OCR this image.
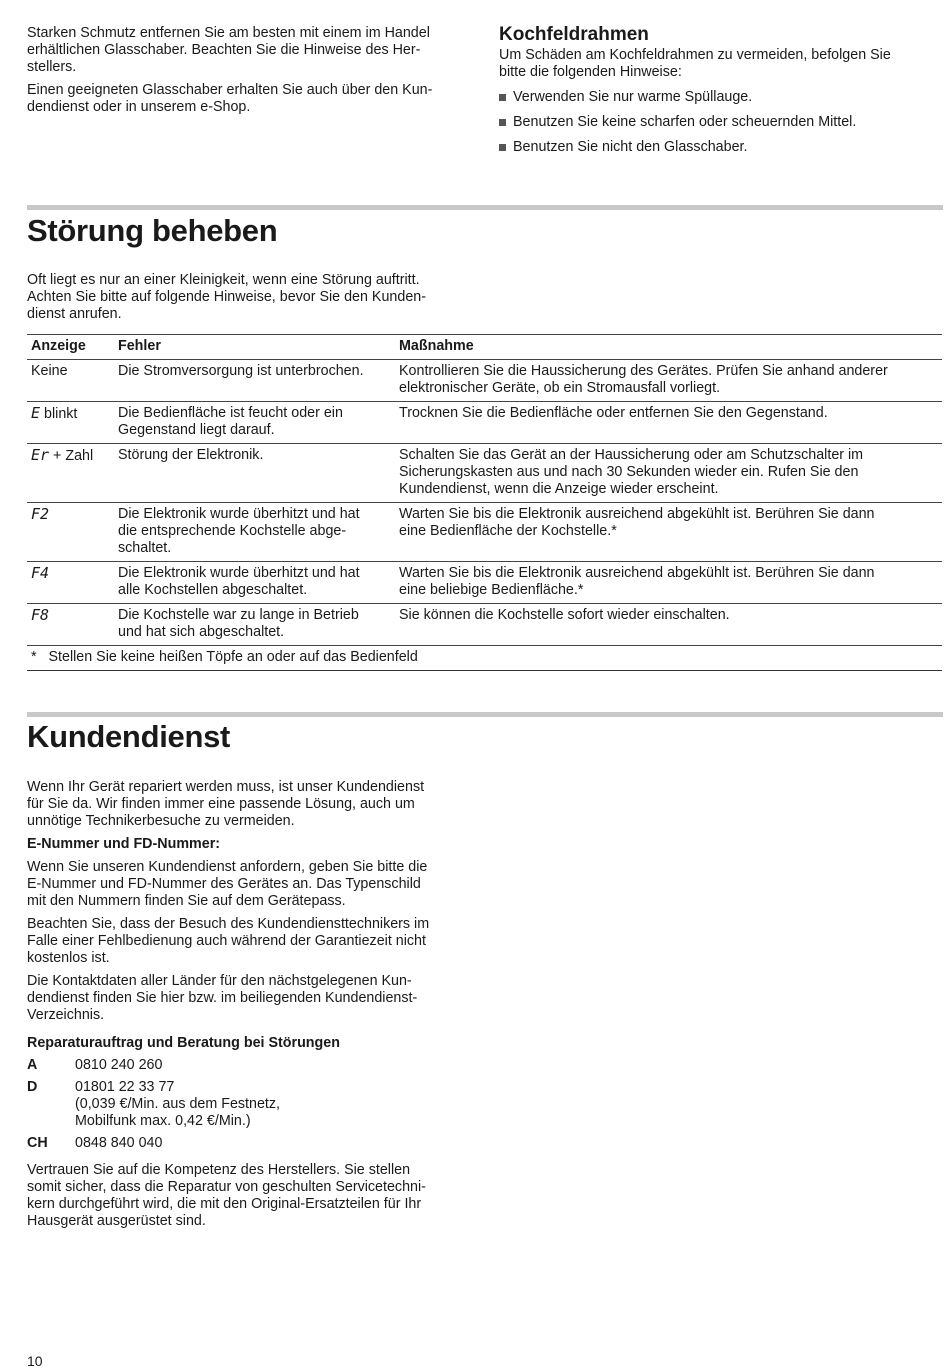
Starken Schmutz entfernen Sie am besten mit einem im Handel
erhältlichen Glasschaber. Beachten Sie die Hinweise des Her-
stellers.

Einen geeigneten Glasschaber erhalten Sie auch über den Kun-
dendienst oder in unserem e-Shop.

Kochfeldrahmen

Um Schäden am Kochfeldrahmen zu vermeiden, befolgen Sie
bitte die folgenden Hinweise:

Verwenden Sie nur warme Spüllauge.
Benutzen Sie keine scharfen oder scheuernden Mittel.
Benutzen Sie nicht den Glasschaber.
Störung beheben

Oft liegt es nur an einer Kleinigkeit, wenn eine Störung auftritt.
Achten Sie bitte auf folgende Hinweise, bevor Sie den Kunden-
dienst anrufen.

Anzeige	Fehler	Maßnahme
Keine	Die Stromversorgung ist unterbrochen.	Kontrollieren Sie die Haussicherung des Gerätes. Prüfen Sie anhand anderer
elektronischer Geräte, ob ein Stromausfall vorliegt.
E blinkt	Die Bedienfläche ist feucht oder ein
Gegenstand liegt darauf.	Trocknen Sie die Bedienfläche oder entfernen Sie den Gegenstand.
Er + Zahl	Störung der Elektronik.	Schalten Sie das Gerät an der Haussicherung oder am Schutzschalter im
Sicherungskasten aus und nach 30 Sekunden wieder ein. Rufen Sie den
Kundendienst, wenn die Anzeige wieder erscheint.
F2	Die Elektronik wurde überhitzt und hat
die entsprechende Kochstelle abge-
schaltet.	Warten Sie bis die Elektronik ausreichend abgekühlt ist. Berühren Sie dann
eine Bedienfläche der Kochstelle.*
F4	Die Elektronik wurde überhitzt und hat
alle Kochstellen abgeschaltet.	Warten Sie bis die Elektronik ausreichend abgekühlt ist. Berühren Sie dann
eine beliebige Bedienfläche.*
F8	Die Kochstelle war zu lange in Betrieb
und hat sich abgeschaltet.	Sie können die Kochstelle sofort wieder einschalten.
*   Stellen Sie keine heißen Töpfe an oder auf das Bedienfeld		
Kundendienst

Wenn Ihr Gerät repariert werden muss, ist unser Kundendienst
für Sie da. Wir finden immer eine passende Lösung, auch um
unnötige Technikerbesuche zu vermeiden.

E-Nummer und FD-Nummer:

Wenn Sie unseren Kundendienst anfordern, geben Sie bitte die
E-Nummer und FD-Nummer des Gerätes an. Das Typenschild
mit den Nummern finden Sie auf dem Gerätepass.

Beachten Sie, dass der Besuch des Kundendiensttechnikers im
Falle einer Fehlbedienung auch während der Garantiezeit nicht
kostenlos ist.

Die Kontaktdaten aller Länder für den nächstgelegenen Kun-
dendienst finden Sie hier bzw. im beiliegenden Kundendienst-
Verzeichnis.

Reparaturauftrag und Beratung bei Störungen

A	0810 240 260
D	01801 22 33 77
(0,039 €/Min. aus dem Festnetz,
Mobilfunk max. 0,42 €/Min.)
CH 0848 840 040

Vertrauen Sie auf die Kompetenz des Herstellers. Sie stellen
somit sicher, dass die Reparatur von geschulten Servicetechni-
kern durchgeführt wird, die mit den Original-Ersatzteilen für Ihr
Hausgerät ausgerüstet sind.

10
